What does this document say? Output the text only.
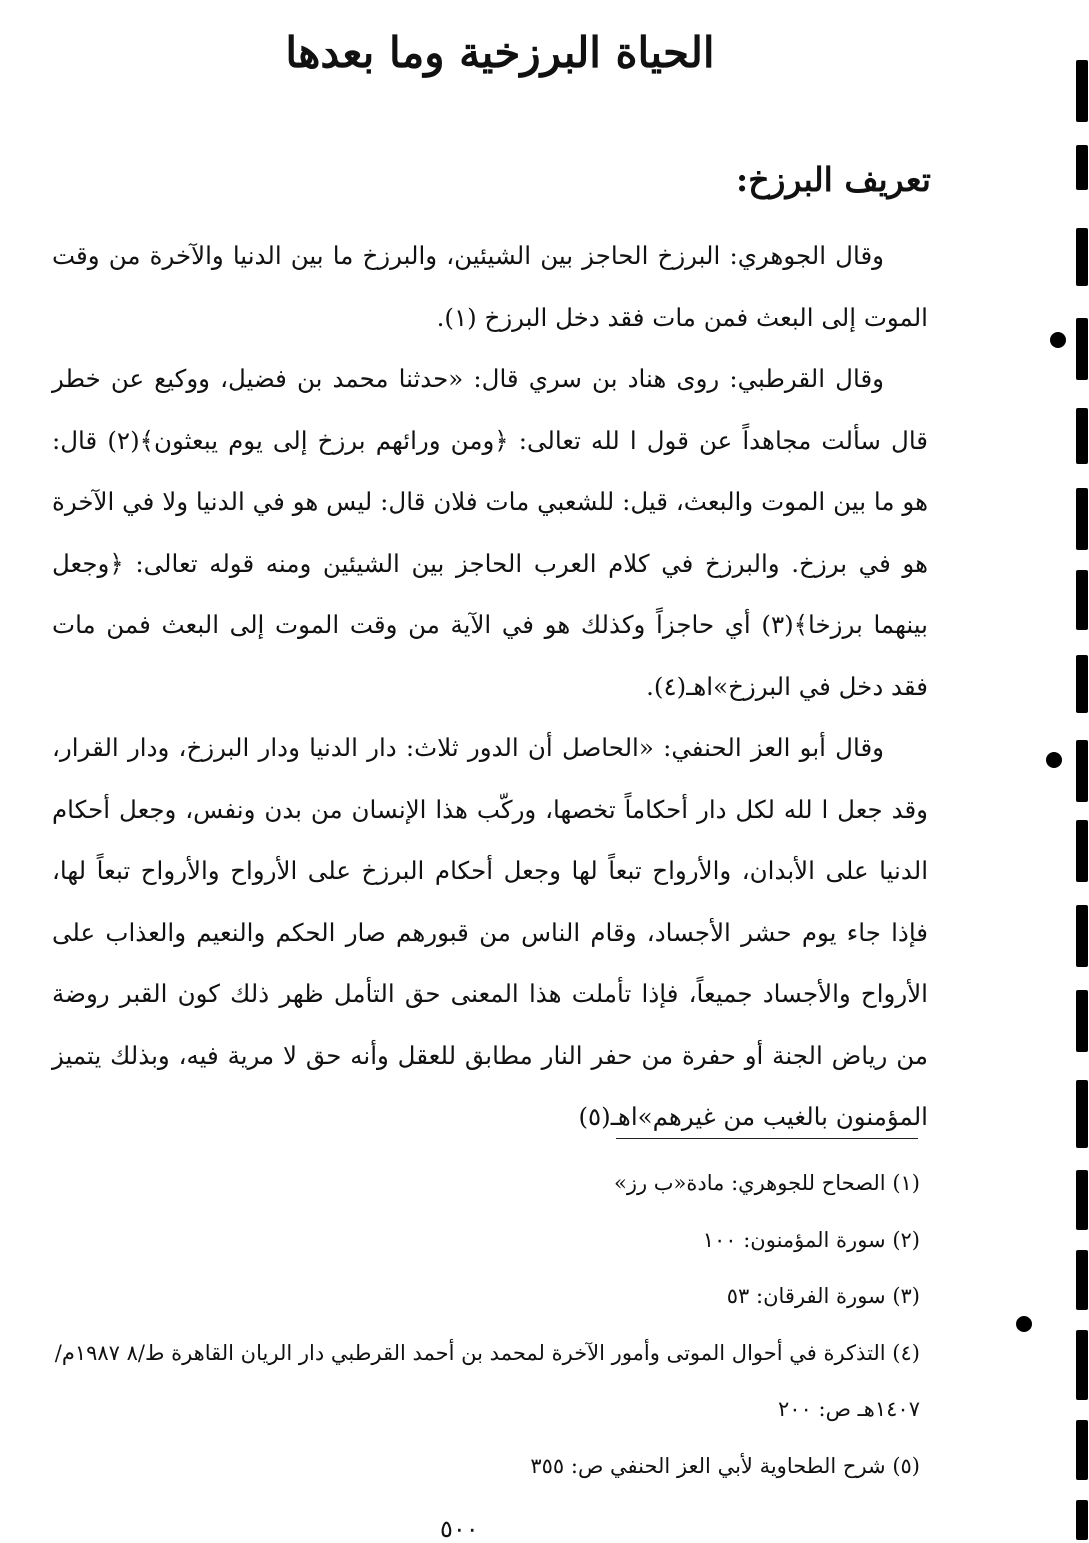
الحياة البرزخية وما بعدها
تعريف البرزخ:

وقال الجوهري: البرزخ الحاجز بين الشيئين، والبرزخ ما بين الدنيا والآخرة من وقت الموت إلى البعث فمن مات فقد دخل البرزخ (١).

وقال القرطبي: روى هناد بن سري قال: «حدثنا محمد بن فضيل، ووكيع عن خطر قال سألت مجاهداً عن قول ا لله تعالى: ﴿ومن ورائهم برزخ إلى يوم يبعثون﴾(٢) قال: هو ما بين الموت والبعث، قيل: للشعبي مات فلان قال: ليس هو في الدنيا ولا في الآخرة هو في برزخ. والبرزخ في كلام العرب الحاجز بين الشيئين ومنه قوله تعالى: ﴿وجعل بينهما برزخا﴾(٣) أي حاجزاً وكذلك هو في الآية من وقت الموت إلى البعث فمن مات فقد دخل في البرزخ»اهـ(٤).

وقال أبو العز الحنفي: «الحاصل أن الدور ثلاث: دار الدنيا ودار البرزخ، ودار القرار، وقد جعل ا لله لكل دار أحكاماً تخصها، وركّب هذا الإنسان من بدن ونفس، وجعل أحكام الدنيا على الأبدان، والأرواح تبعاً لها وجعل أحكام البرزخ على الأرواح والأرواح تبعاً لها، فإذا جاء يوم حشر الأجساد، وقام الناس من قبورهم صار الحكم والنعيم والعذاب على الأرواح والأجساد جميعاً، فإذا تأملت هذا المعنى حق التأمل ظهر ذلك كون القبر روضة من رياض الجنة أو حفرة من حفر النار مطابق للعقل وأنه حق لا مرية فيه، وبذلك يتميز المؤمنون بالغيب من غيرهم»اهـ(٥)

(١) الصحاح للجوهري: مادة«ب رز»
(٢) سورة المؤمنون: ١٠٠
(٣) سورة الفرقان: ٥٣
(٤) التذكرة في أحوال الموتى وأمور الآخرة لمحمد بن أحمد القرطبي دار الريان القاهرة ط/٨ ١٩٨٧م/ ١٤٠٧هـ ص: ٢٠٠
(٥) شرح الطحاوية لأبي العز الحنفي ص: ٣٥٥
٥٠٠
